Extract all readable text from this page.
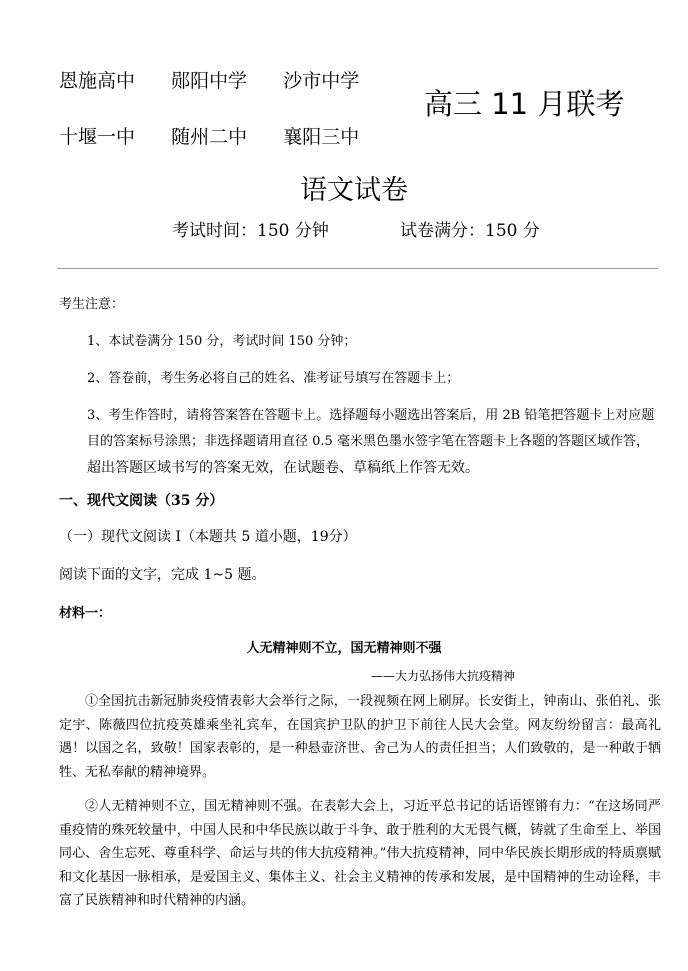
恩施高中 郧阳中学 沙市中学
十堰一中 随州二中 襄阳三中
高三 11 月联考
语文试卷
考试时间：150 分钟	试卷满分：150 分
考生注意：
1、本试卷满分 150 分，考试时间 150 分钟；
2、答卷前，考生务必将自己的姓名、准考证号填写在答题卡上；
3、考生作答时，请将答案答在答题卡上。选择题每小题选出答案后，用 2B 铅笔把答题卡上对应题目的答案标号涂黑；非选择题请用直径 0.5 毫米黑色墨水签字笔在答题卡上各题的答题区域作答，超出答题区域书写的答案无效，在试题卷、草稿纸上作答无效。
一、现代文阅读（35 分）
（一）现代文阅读 I（本题共 5 道小题，19分）
阅读下面的文字，完成 1~5 题。
材料一：
人无精神则不立，国无精神则不强
——大力弘扬伟大抗疫精神
①全国抗击新冠肺炎疫情表彰大会举行之际，一段视频在网上刷屏。长安街上，钟南山、张伯礼、张定宇、陈薇四位抗疫英雄乘坐礼宾车，在国宾护卫队的护卫下前往人民大会堂。网友纷纷留言：最高礼遇！以国之名，致敬！国家表彰的，是一种悬壶济世、舍己为人的责任担当；人们致敬的，是一种敢于牺牲、无私奉献的精神境界。
②人无精神则不立，国无精神则不强。在表彰大会上，习近平总书记的话语铿锵有力：“在这场同严重疫情的殊死较量中，中国人民和中华民族以敢于斗争、敢于胜利的大无畏气概，铸就了生命至上、举国同心、舍生忘死、尊重科学、命运与共的伟大抗疫精神。”伟大抗疫精神，同中华民族长期形成的特质禀赋和文化基因一脉相承，是爱国主义、集体主义、社会主义精神的传承和发展，是中国精神的生动诠释，丰富了民族精神和时代精神的内涵。
